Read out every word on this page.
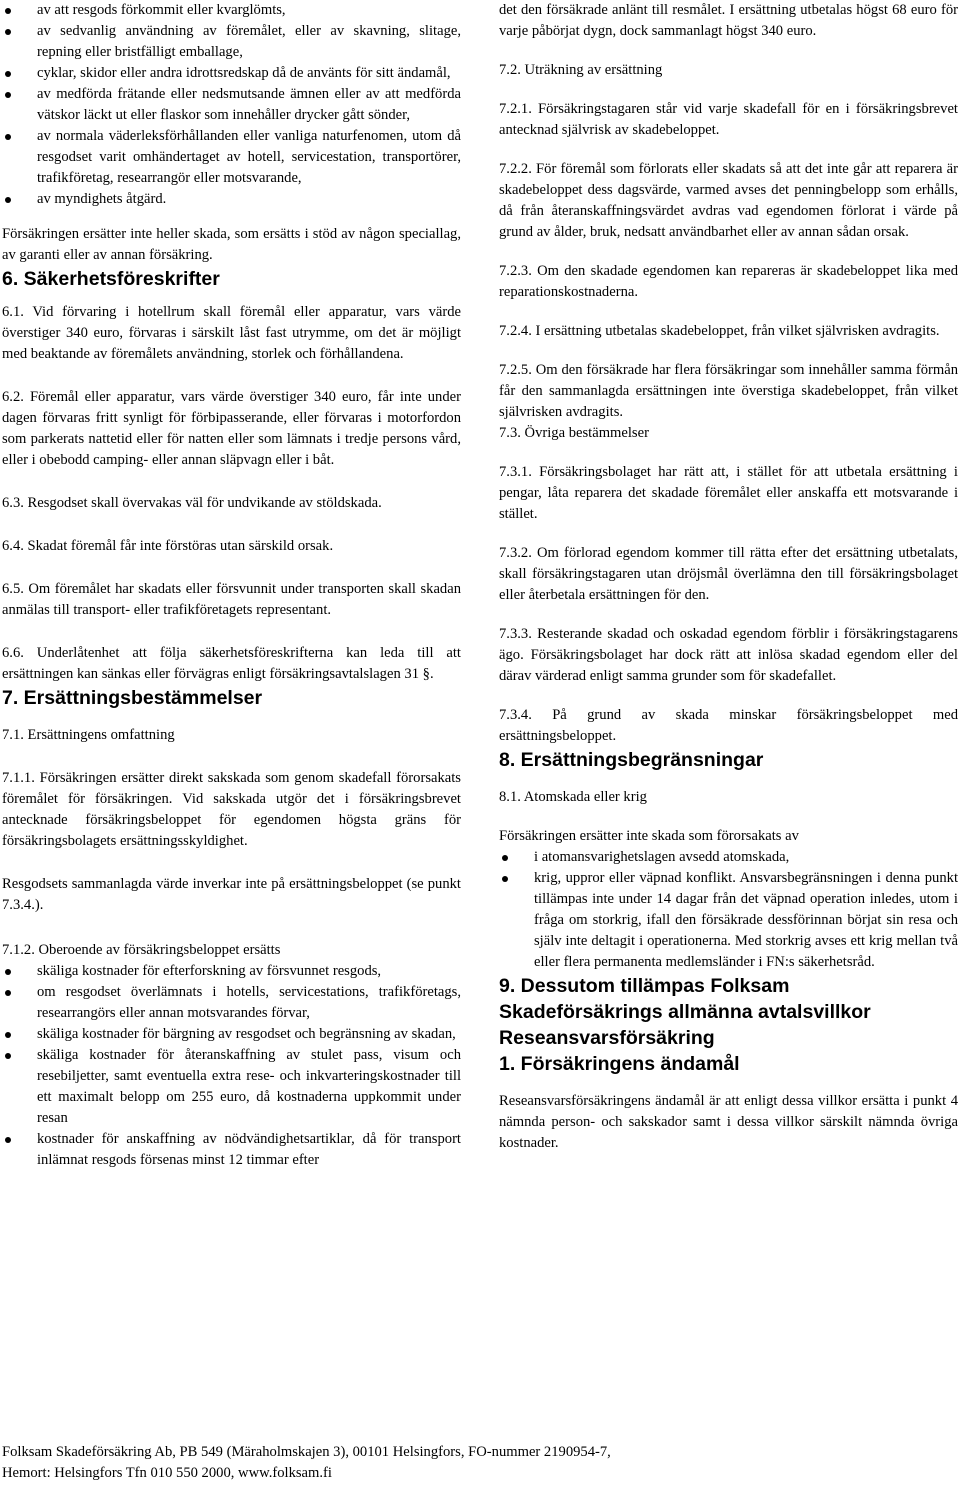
av att resgods förkommit eller kvarglömts,
av sedvanlig användning av föremålet, eller av skavning, slitage, repning eller bristfälligt emballage,
cyklar, skidor eller andra idrottsredskap då de använts för sitt ändamål,
av medförda frätande eller nedsmutsande ämnen eller av att medförda vätskor läckt ut eller flaskor som innehåller drycker gått sönder,
av normala väderleksförhållanden eller vanliga naturfenomen, utom då resgodset varit omhändertaget av hotell, servicestation, transportörer, trafikföretag, researrangör eller motsvarande,
av myndighets åtgärd.

Försäkringen ersätter inte heller skada, som ersätts i stöd av någon speciallag, av garanti eller av annan försäkring.

6. Säkerhetsföreskrifter

6.1. Vid förvaring i hotellrum skall föremål eller apparatur, vars värde överstiger 340 euro, förvaras i särskilt låst fast utrymme, om det är möjligt med beaktande av föremålets användning, storlek och förhållandena.

6.2. Föremål eller apparatur, vars värde överstiger 340 euro, får inte under dagen förvaras fritt synligt för förbipasserande, eller förvaras i motorfordon som parkerats nattetid eller för natten eller som lämnats i tredje persons vård, eller i obebodd camping- eller annan släpvagn eller i båt.

6.3. Resgodset skall övervakas väl för undvikande av stöldskada.

6.4. Skadat föremål får inte förstöras utan särskild orsak.

6.5. Om föremålet har skadats eller försvunnit under transporten skall skadan anmälas till transport- eller trafikföretagets representant.

6.6. Underlåtenhet att följa säkerhetsföreskrifterna kan leda till att ersättningen kan sänkas eller förvägras enligt försäkringsavtalslagen 31 §.

7. Ersättningsbestämmelser

7.1. Ersättningens omfattning

7.1.1. Försäkringen ersätter direkt sakskada som genom skadefall förorsakats föremålet för försäkringen. Vid sakskada utgör det i försäkringsbrevet antecknade försäkringsbeloppet för egendomen högsta gräns för försäkringsbolagets ersättningsskyldighet.

Resgodsets sammanlagda värde inverkar inte på ersättningsbeloppet (se punkt 7.3.4.).

7.1.2. Oberoende av försäkringsbeloppet ersätts

skäliga kostnader för efterforskning av försvunnet resgods,
om resgodset överlämnats i hotells, servicestations, trafikföretags, researrangörs eller annan motsvarandes förvar,
skäliga kostnader för bärgning av resgodset och begränsning av skadan,
skäliga kostnader för återanskaffning av stulet pass, visum och resebiljetter, samt eventuella extra rese- och inkvarteringskostnader till ett maximalt belopp om 255 euro, då kostnaderna uppkommit under resan
kostnader för anskaffning av nödvändighetsartiklar, då för transport inlämnat resgods försenas minst 12 timmar efter

det den försäkrade anlänt till resmålet. I ersättning utbetalas högst 68 euro för varje påbörjat dygn, dock sammanlagt högst 340 euro.

7.2. Uträkning av ersättning

7.2.1. Försäkringstagaren står vid varje skadefall för en i försäkringsbrevet antecknad självrisk av skadebeloppet.

7.2.2. För föremål som förlorats eller skadats så att det inte går att reparera är skadebeloppet dess dagsvärde, varmed avses det penningbelopp som erhålls, då från återanskaffningsvärdet avdras vad egendomen förlorat i värde på grund av ålder, bruk, nedsatt användbarhet eller av annan sådan orsak.

7.2.3. Om den skadade egendomen kan repareras är skadebeloppet lika med reparationskostnaderna.

7.2.4. I ersättning utbetalas skadebeloppet, från vilket självrisken avdragits.

7.2.5. Om den försäkrade har flera försäkringar som innehåller samma förmån får den sammanlagda ersättningen inte överstiga skadebeloppet, från vilket självrisken avdragits.

7.3. Övriga bestämmelser

7.3.1. Försäkringsbolaget har rätt att, i stället för att utbetala ersättning i pengar, låta reparera det skadade föremålet eller anskaffa ett motsvarande i stället.

7.3.2. Om förlorad egendom kommer till rätta efter det ersättning utbetalats, skall försäkringstagaren utan dröjsmål överlämna den till försäkringsbolaget eller återbetala ersättningen för den.

7.3.3. Resterande skadad och oskadad egendom förblir i försäkringstagarens ägo. Försäkringsbolaget har dock rätt att inlösa skadad egendom eller del därav värderad enligt samma grunder som för skadefallet.

7.3.4. På grund av skada minskar försäkringsbeloppet med ersättningsbeloppet.

8. Ersättningsbegränsningar

8.1. Atomskada eller krig

Försäkringen ersätter inte skada som förorsakats av

i atomansvarighetslagen avsedd atomskada,
krig, uppror eller väpnad konflikt. Ansvarsbegränsningen i denna punkt tillämpas inte under 14 dagar från det väpnad operation inledes, utom i fråga om storkrig, ifall den försäkrade dessförinnan börjat sin resa och själv inte deltagit i operationerna. Med storkrig avses ett krig mellan två eller flera permanenta medlemsländer i FN:s säkerhetsråd.
9. Dessutom tillämpas Folksam Skadeförsäkrings allmänna avtalsvillkor
Reseansvarsförsäkring
1. Försäkringens ändamål

Reseansvarsförsäkringens ändamål är att enligt dessa villkor ersätta i punkt 4 nämnda person- och sakskador samt i dessa villkor särskilt nämnda övriga kostnader.

Folksam Skadeförsäkring Ab, PB 549 (Märaholmskajen 3), 00101 Helsingfors, FO-nummer 2190954-7,
Hemort: Helsingfors Tfn 010 550 2000, www.folksam.fi
